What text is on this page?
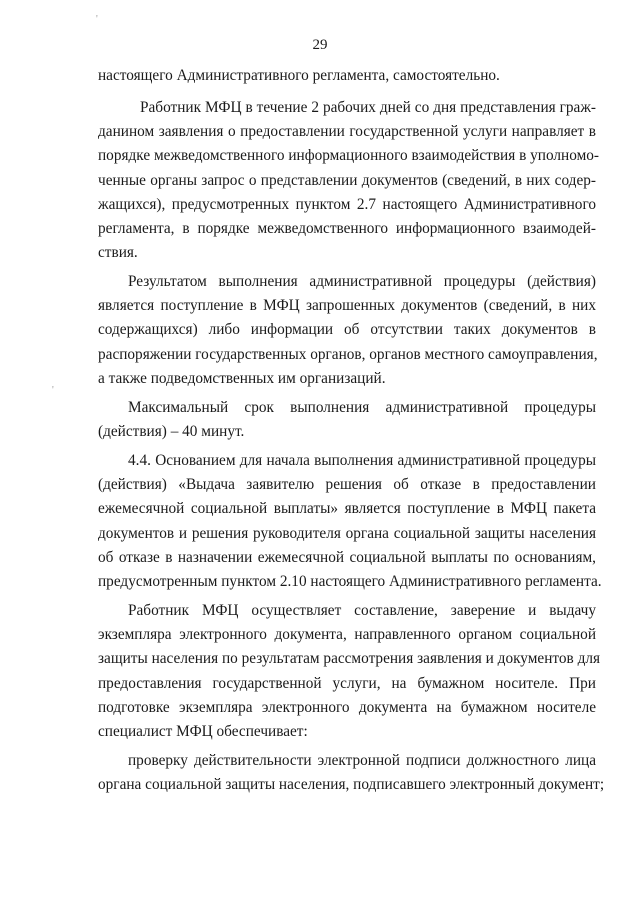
'
'
29
настоящего Административного регламента, самостоятельно.
Работник МФЦ в течение 2 рабочих дней со дня представления граж-
данином заявления о предоставлении государственной услуги направляет в
порядке межведомственного информационного взаимодействия в уполномо-
ченные органы запрос о представлении документов (сведений, в них содер-
жащихся), предусмотренных пунктом 2.7 настоящего Административного
регламента, в порядке межведомственного информационного взаимодей-
ствия.
Результатом выполнения административной процедуры (действия)
является поступление в МФЦ запрошенных документов (сведений, в них
содержащихся) либо информации об отсутствии таких документов в
распоряжении государственных органов, органов местного самоуправления,
а также подведомственных им организаций.
Максимальный срок выполнения административной процедуры
(действия) – 40 минут.
4.4. Основанием для начала выполнения административной процедуры
(действия) «Выдача заявителю решения об отказе в предоставлении
ежемесячной социальной выплаты» является поступление в МФЦ пакета
документов и решения руководителя органа социальной защиты населения
об отказе в назначении ежемесячной социальной выплаты по основаниям,
предусмотренным пунктом 2.10 настоящего Административного регламента.
Работник МФЦ осуществляет составление, заверение и выдачу
экземпляра электронного документа, направленного органом социальной
защиты населения по результатам рассмотрения заявления и документов для
предоставления государственной услуги, на бумажном носителе. При
подготовке экземпляра электронного документа на бумажном носителе
специалист МФЦ обеспечивает:
проверку действительности электронной подписи должностного лица
органа социальной защиты населения, подписавшего электронный документ;
